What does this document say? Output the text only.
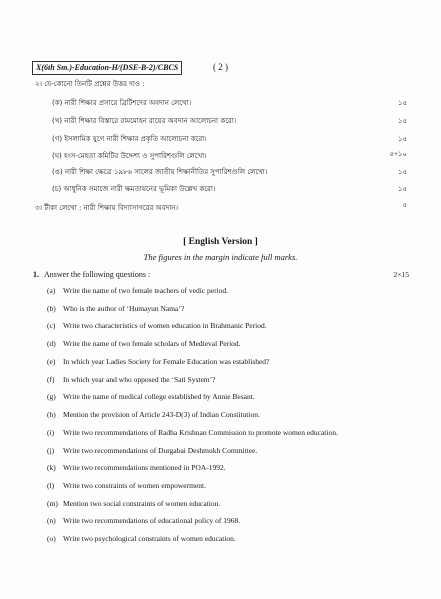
X(6th Sm.)-Education-H/(DSE-B-2)/CBCS	( 2 )
২। যে-কোনো তিনটি প্রশ্নের উত্তর দাও :
(ক) নারী শিক্ষার প্রসারে ব্রিটিশদের অবদান লেখো।	১৫
(খ) নারী শিক্ষার বিস্তারে রামমোহন রায়ের অবদান আলোচনা করো।	১৫
(গ) ইসলামিক যুগে নারী শিক্ষার প্রকৃতি আলোচনা করো।	১৫
(ঘ) হংস-মেহতা কমিটির উদ্দেশ্য ও সুপারিশগুলি লেখো।	৫+১০
(ঙ) নারী শিক্ষা ক্ষেত্রে ১৯৮৬ সালের জাতীয় শিক্ষানীতির সুপারিশগুলি লেখো।	১৫
(চ) আধুনিক সমাজে নারী ক্ষমতায়নের ভূমিকা উল্লেখ করো।	১৫
৩। টীকা লেখো : নারী শিক্ষায় বিদ্যাসাগরের অবদান।	৫
[ English Version ]
The figures in the margin indicate full marks.
1. Answer the following questions :	2×15
(a) Write the name of two female teachers of vedic period.
(b) Who is the author of ‘Humayun Nama’?
(c) Write two characteristics of women education in Brahmanic Period.
(d) Write the name of two female scholars of Medieval Period.
(e) In which year Ladies Society for Female Education was established?
(f) In which year and who opposed the ‘Sati System’?
(g) Write the name of medical college established by Annie Besant.
(h) Mention the provision of Article 243-D(3) of Indian Constitution.
(i) Write two recommendations of Radha Krishnan Commission to promote women education.
(j) Write two recommendations of Durgabai Deshmukh Committee.
(k) Write two recommendations mentioned in POA-1992.
(l) Write two constraints of women empowerment.
(m) Mention two social constraints of women education.
(n) Write two recommendations of educational policy of 1968.
(o) Write two psychological constraints of women education.
